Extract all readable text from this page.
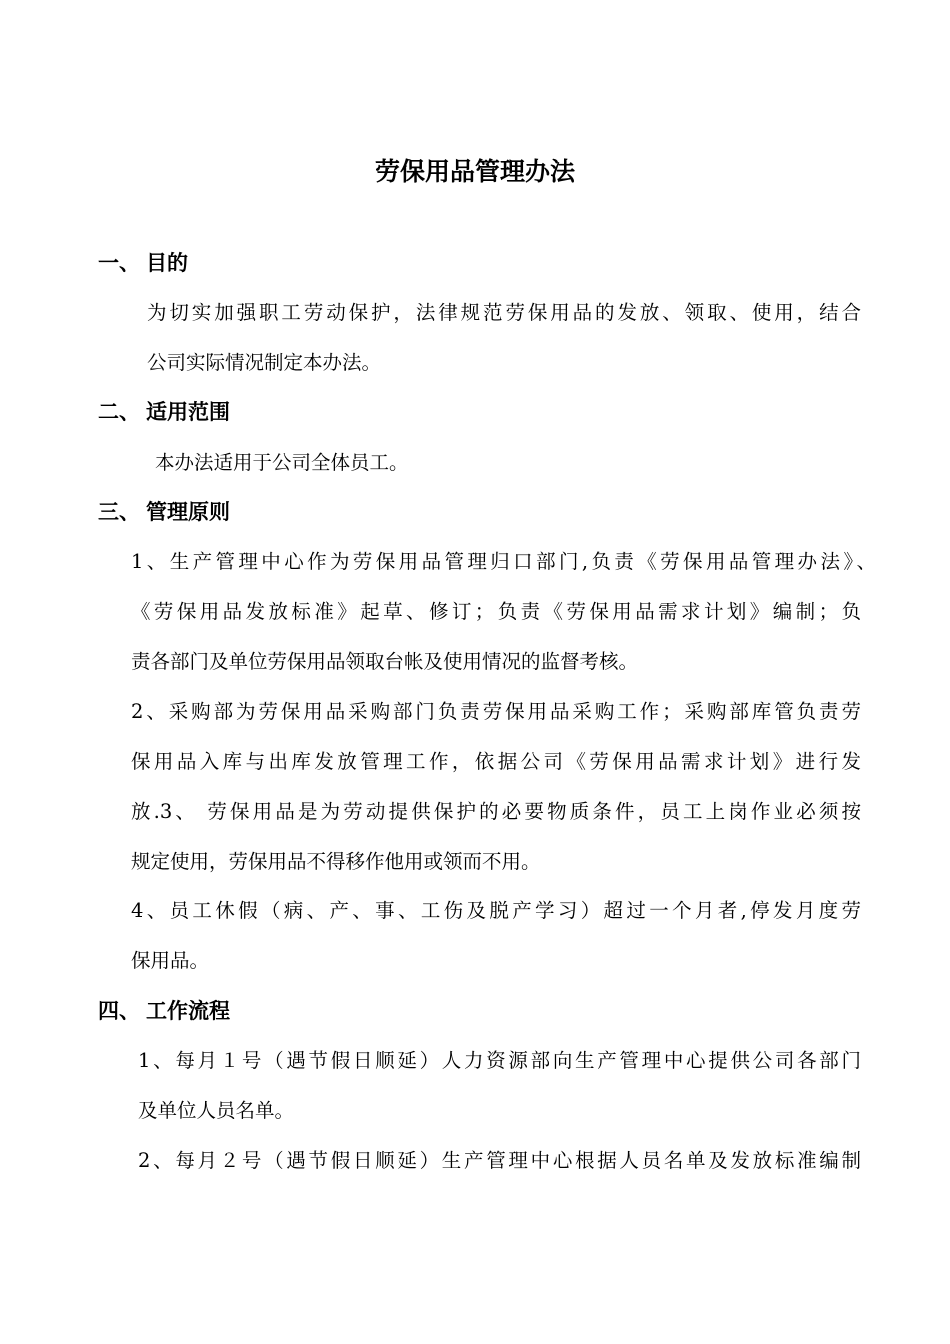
劳保用品管理办法
一、 目的
为切实加强职工劳动保护，法律规范劳保用品的发放、领取、使用，结合
公司实际情况制定本办法。
二、 适用范围
本办法适用于公司全体员工。
三、 管理原则
1、生产管理中心作为劳保用品管理归口部门,负责《劳保用品管理办法》、
《劳保用品发放标准》起草、修订；负责《劳保用品需求计划》编制；负
责各部门及单位劳保用品领取台帐及使用情况的监督考核。
2、采购部为劳保用品采购部门负责劳保用品采购工作；采购部库管负责劳
保用品入库与出库发放管理工作，依据公司《劳保用品需求计划》进行发
放.3、 劳保用品是为劳动提供保护的必要物质条件，员工上岗作业必须按
规定使用，劳保用品不得移作他用或领而不用。
4、员工休假（病、产、事、工伤及脱产学习）超过一个月者,停发月度劳
保用品。
四、 工作流程
1、每月１号（遇节假日顺延）人力资源部向生产管理中心提供公司各部门
及单位人员名单。
2、每月２号（遇节假日顺延）生产管理中心根据人员名单及发放标准编制
